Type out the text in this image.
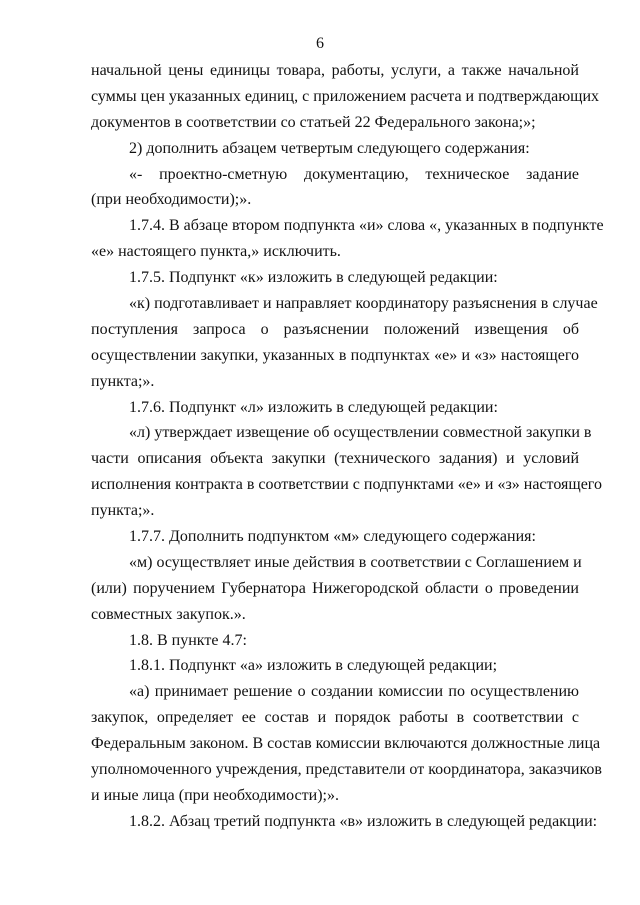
6
начальной цены единицы товара, работы, услуги, а также начальной
суммы цен указанных единиц, с приложением расчета и подтверждающих
документов в соответствии со статьей 22 Федерального закона;»;
2) дополнить абзацем четвертым следующего содержания:
«- проектно-сметную документацию, техническое задание
(при необходимости);».
1.7.4. В абзаце втором подпункта «и» слова «, указанных в подпункте
«е» настоящего пункта,» исключить.
1.7.5. Подпункт «к» изложить в следующей редакции:
«к) подготавливает и направляет координатору разъяснения в случае
поступления запроса о разъяснении положений извещения об
осуществлении закупки, указанных в подпунктах «е» и «з» настоящего
пункта;».
1.7.6. Подпункт «л» изложить в следующей редакции:
«л) утверждает извещение об осуществлении совместной закупки в
части описания объекта закупки (технического задания) и условий
исполнения контракта в соответствии с подпунктами «е» и «з» настоящего
пункта;».
1.7.7. Дополнить подпунктом «м» следующего содержания:
«м) осуществляет иные действия в соответствии с Соглашением и
(или) поручением Губернатора Нижегородской области о проведении
совместных закупок.».
1.8. В пункте 4.7:
1.8.1. Подпункт «а» изложить в следующей редакции;
«а) принимает решение о создании комиссии по осуществлению
закупок, определяет ее состав и порядок работы в соответствии с
Федеральным законом. В состав комиссии включаются должностные лица
уполномоченного учреждения, представители от координатора, заказчиков
и иные лица (при необходимости);».
1.8.2. Абзац третий подпункта «в» изложить в следующей редакции:
